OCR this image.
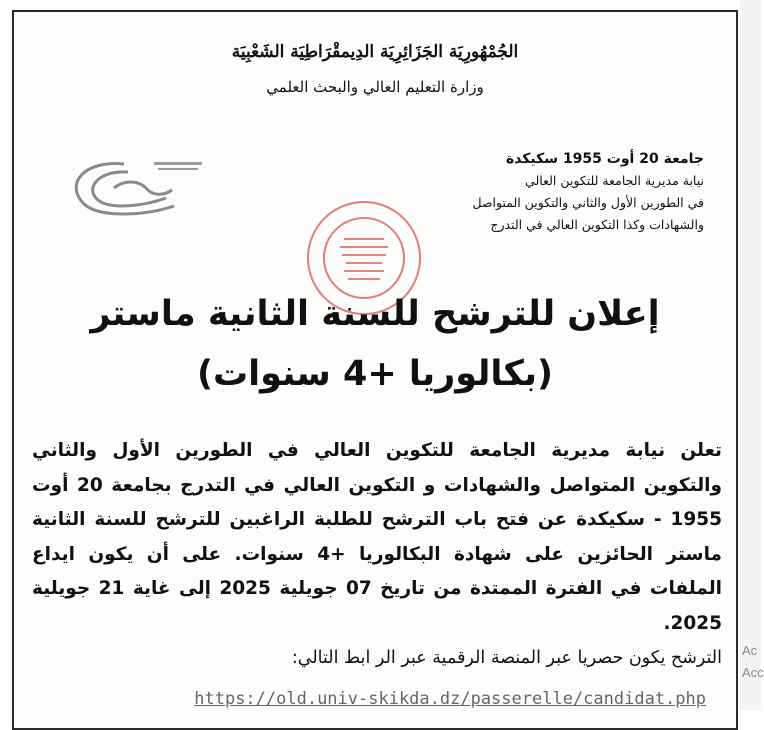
الجُمْهُورِيَة الجَزَائِرِيَة الدِيمقْرَاطِيَة الشَعْبِيَة
وزارة التعليم العالي والبحث العلمي
جامعة 20 أوت 1955 سكيكدة
نيابة مديرية الجامعة للتكوين العالي
في الطورين الأول والثاني والتكوين المتواصل
والشهادات وكذا التكوين العالي في التدرج
إعلان للترشح للسنة الثانية ماستر
(بكالوريا +4 سنوات)
تعلن نيابة مديرية الجامعة للتكوين العالي في الطورين الأول والثاني والتكوين المتواصل والشهادات و التكوين العالي في التدرج بجامعة 20 أوت 1955 - سكيكدة عن فتح باب الترشح للطلبة الراغبين للترشح للسنة الثانية ماستر الحائزين على شهادة البكالوريا +4 سنوات. على أن يكون ايداع الملفات في الفترة الممتدة من تاريخ 07 جويلية 2025 إلى غاية 21 جويلية 2025.
الترشح يكون حصريا عبر المنصة الرقمية عبر الر ابط التالي:
https://old.univ-skikda.dz/passerelle/candidat.php
Ac
Acc
